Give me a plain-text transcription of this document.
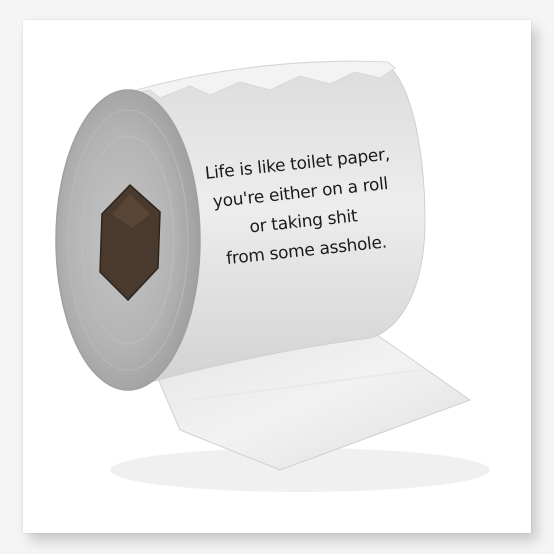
Life is like toilet paper,
you're either on a roll
or taking shit
from some asshole.
